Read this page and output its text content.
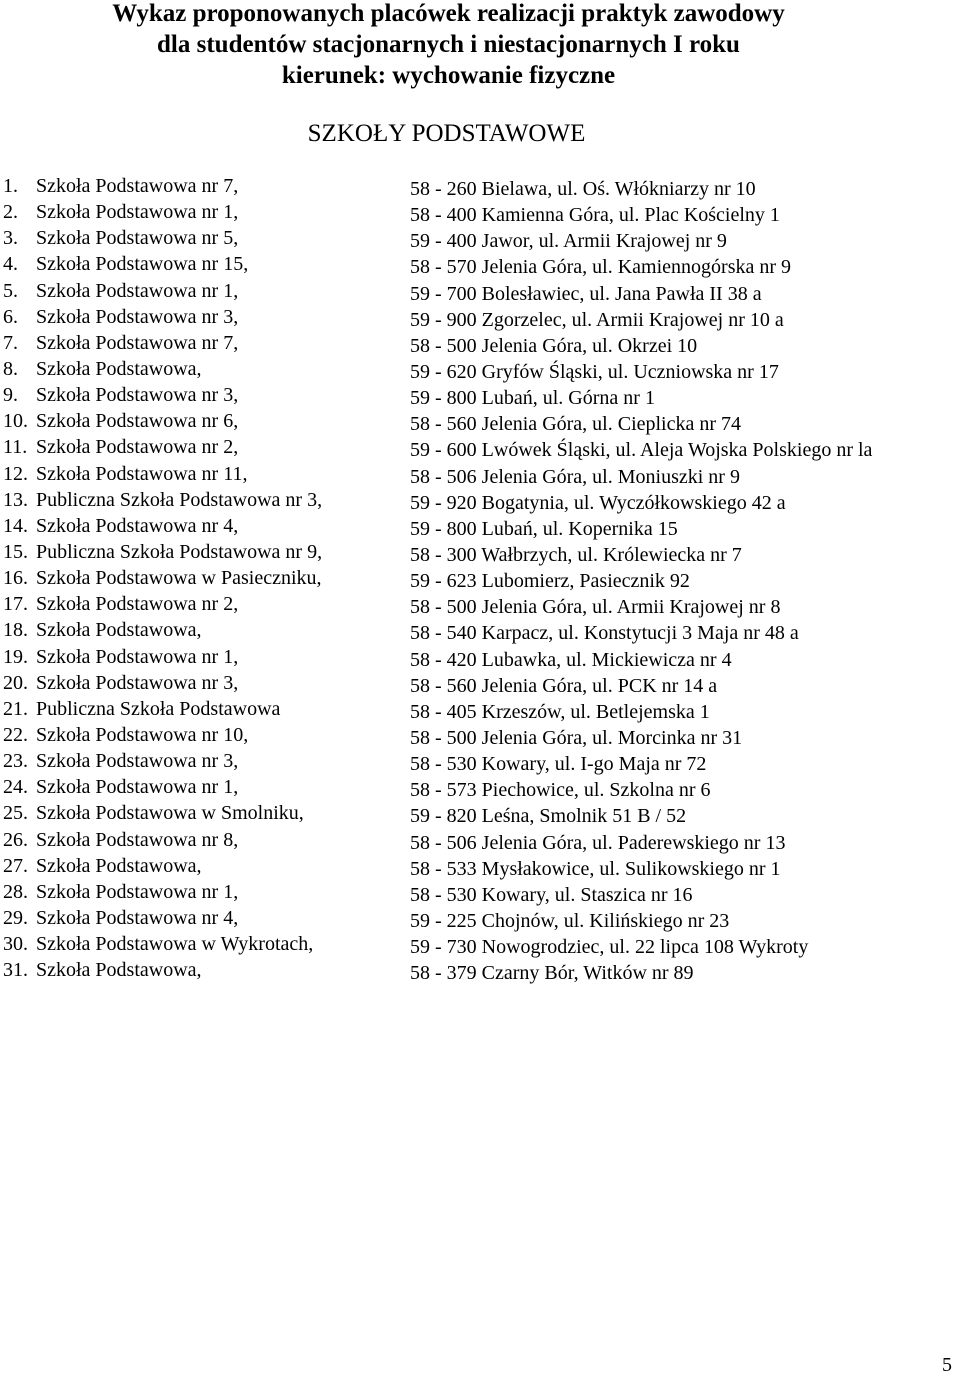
Wykaz proponowanych placówek realizacji praktyk zawodowy
dla studentów stacjonarnych i niestacjonarnych I roku
kierunek: wychowanie fizyczne
SZKOŁY PODSTAWOWE
1. Szkoła Podstawowa nr 7,
2. Szkoła Podstawowa nr 1,
3. Szkoła Podstawowa nr 5,
4. Szkoła Podstawowa nr 15,
5. Szkoła Podstawowa nr 1,
6. Szkoła Podstawowa nr 3,
7. Szkoła Podstawowa nr 7,
8. Szkoła Podstawowa,
9. Szkoła Podstawowa nr 3,
10. Szkoła Podstawowa nr 6,
11. Szkoła Podstawowa nr 2,
12. Szkoła Podstawowa nr 11,
13. Publiczna Szkoła Podstawowa nr 3,
14. Szkoła Podstawowa nr 4,
15. Publiczna Szkoła Podstawowa nr 9,
16. Szkoła Podstawowa w Pasieczniku,
17. Szkoła Podstawowa nr 2,
18. Szkoła Podstawowa,
19. Szkoła Podstawowa nr 1,
20. Szkoła Podstawowa nr 3,
21. Publiczna Szkoła Podstawowa
22. Szkoła Podstawowa nr 10,
23. Szkoła Podstawowa nr 3,
24. Szkoła Podstawowa nr 1,
25. Szkoła Podstawowa w Smolniku,
26. Szkoła Podstawowa nr 8,
27. Szkoła Podstawowa,
28. Szkoła Podstawowa nr 1,
29. Szkoła Podstawowa nr 4,
30. Szkoła Podstawowa w Wykrotach,
31. Szkoła Podstawowa,
58 - 260 Bielawa, ul. Oś. Włókniarzy nr 10
58 - 400 Kamienna Góra, ul. Plac Kościelny 1
59 - 400 Jawor, ul. Armii Krajowej nr 9
58 - 570 Jelenia Góra, ul. Kamiennogórska nr 9
59 - 700 Bolesławiec, ul. Jana Pawła II 38 a
59 - 900 Zgorzelec, ul. Armii Krajowej nr 10 a
58 - 500 Jelenia Góra, ul. Okrzei 10
59 - 620 Gryfów Śląski, ul. Uczniowska nr 17
59 - 800 Lubań, ul. Górna nr 1
58 - 560 Jelenia Góra, ul. Cieplicka nr 74
59 - 600 Lwówek Śląski, ul. Aleja Wojska Polskiego nr la
58 - 506 Jelenia Góra, ul. Moniuszki nr 9
59 - 920 Bogatynia, ul. Wyczółkowskiego 42 a
59 - 800 Lubań, ul. Kopernika 15
58 - 300 Wałbrzych, ul. Królewiecka nr 7
59 - 623 Lubomierz, Pasiecznik 92
58 - 500 Jelenia Góra, ul. Armii Krajowej nr 8
58 - 540 Karpacz, ul. Konstytucji 3 Maja nr 48 a
58 - 420 Lubawka, ul. Mickiewicza nr 4
58 - 560 Jelenia Góra, ul. PCK nr 14 a
58 - 405 Krzeszów, ul. Betlejemska 1
58 - 500 Jelenia Góra, ul. Morcinka nr 31
58 - 530 Kowary, ul. I-go Maja nr 72
58 - 573 Piechowice, ul. Szkolna nr 6
59 - 820 Leśna, Smolnik 51 B / 52
58 - 506 Jelenia Góra, ul. Paderewskiego nr 13
58 - 533 Mysłakowice, ul. Sulikowskiego nr 1
58 - 530 Kowary, ul. Staszica nr 16
59 - 225 Chojnów, ul. Kilińskiego nr 23
59 - 730 Nowogrodziec, ul. 22 lipca 108 Wykroty
58 - 379 Czarny Bór, Witków nr 89
5
